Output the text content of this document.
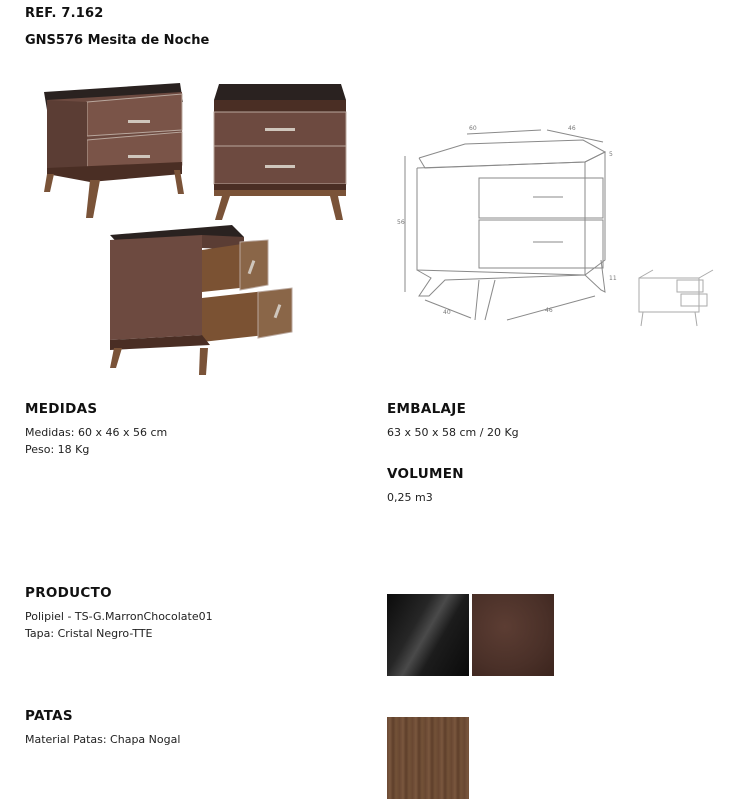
REF. 7.162
GNS576 Mesita de Noche
60	46
56
5
11
40	46
MEDIDAS
Medidas: 60 x 46 x 56 cm
Peso: 18 Kg
EMBALAJE
63 x 50 x 58 cm / 20 Kg
VOLUMEN
0,25 m3
PRODUCTO
Polipiel - TS-G.MarronChocolate01
Tapa: Cristal Negro-TTE
PATAS
Material Patas: Chapa Nogal
